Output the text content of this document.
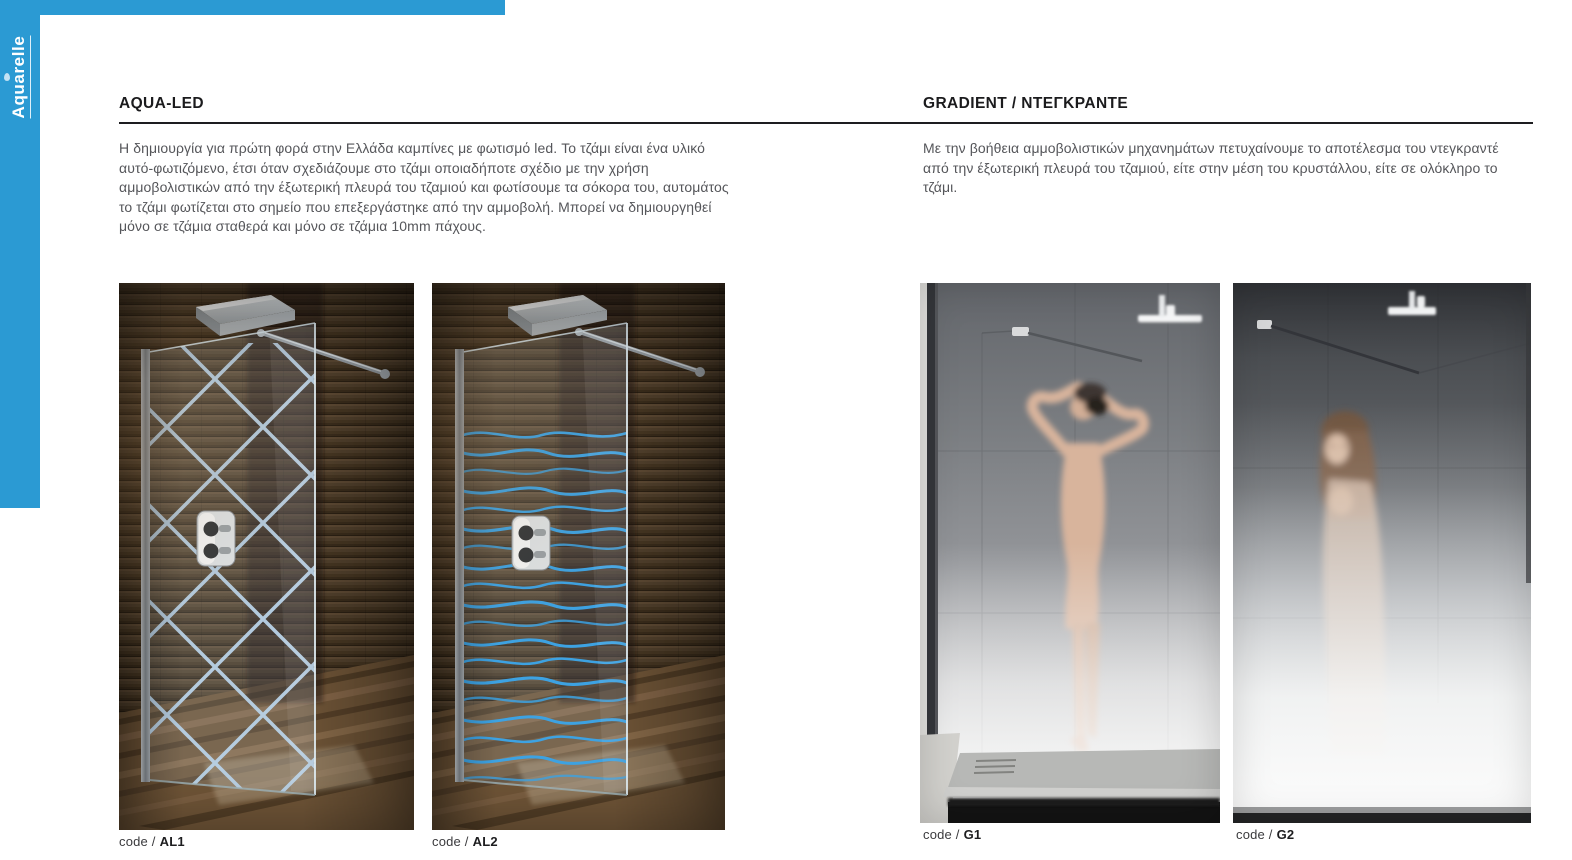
Aquarelle	AQUA-LED	GRADIENT / ΝΤΕΓΚΡΑΝΤΕ
Η δημιουργία για πρώτη φορά στην Ελλάδα καμπίνες με φωτισμό led. Το τζάμι είναι ένα υλικό αυτό-φωτιζόμενο, έτσι όταν σχεδιάζουμε στο τζάμι οποιαδήποτε σχέδιο με την χρήση αμμοβολιστικών από την έξωτερική πλευρά του τζαμιού και φωτίσουμε τα σόκορα του, αυτομάτος το τζάμι φωτίζεται στο σημείο που επεξεργάστηκε από την αμμοβολή. Μπορεί να δημιουργηθεί μόνο σε τζάμια σταθερά και μόνο σε τζάμια 10mm πάχους.
Με την βοήθεια αμμοβολιστικών μηχανημάτων πετυχαίνουμε το αποτέλεσμα του ντεγκραντέ από την έξωτερική πλευρά του τζαμιού, είτε στην μέση του κρυστάλλου, είτε σε ολόκληρο το τζάμι.
code / AL1	code / AL2	code / G1	code / G2
